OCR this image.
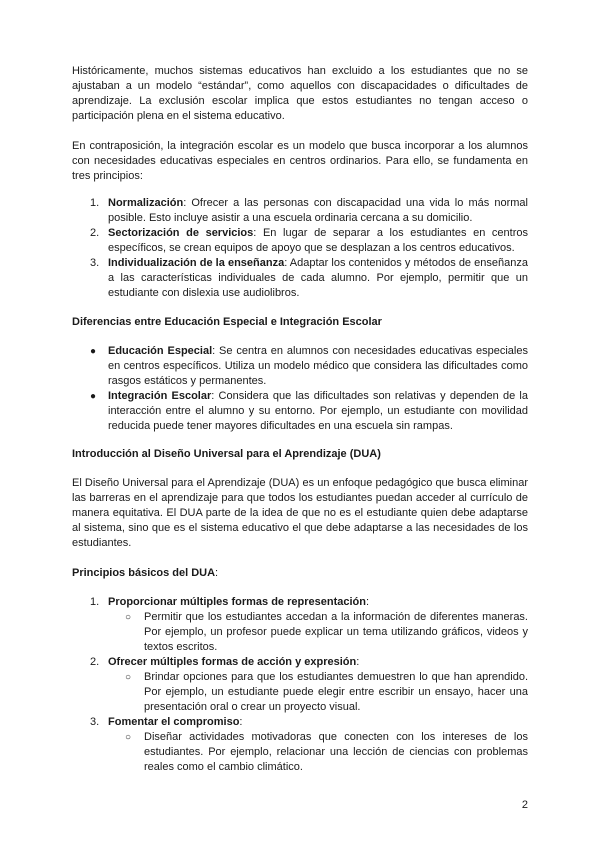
Históricamente, muchos sistemas educativos han excluido a los estudiantes que no se ajustaban a un modelo “estándar”, como aquellos con discapacidades o dificultades de aprendizaje. La exclusión escolar implica que estos estudiantes no tengan acceso o participación plena en el sistema educativo.

En contraposición, la integración escolar es un modelo que busca incorporar a los alumnos con necesidades educativas especiales en centros ordinarios. Para ello, se fundamenta en tres principios:

1. Normalización: Ofrecer a las personas con discapacidad una vida lo más normal posible. Esto incluye asistir a una escuela ordinaria cercana a su domicilio.
2. Sectorización de servicios: En lugar de separar a los estudiantes en centros específicos, se crean equipos de apoyo que se desplazan a los centros educativos.
3. Individualización de la enseñanza: Adaptar los contenidos y métodos de enseñanza a las características individuales de cada alumno. Por ejemplo, permitir que un estudiante con dislexia use audiolibros.

Diferencias entre Educación Especial e Integración Escolar

● Educación Especial: Se centra en alumnos con necesidades educativas especiales en centros específicos. Utiliza un modelo médico que considera las dificultades como rasgos estáticos y permanentes.
● Integración Escolar: Considera que las dificultades son relativas y dependen de la interacción entre el alumno y su entorno. Por ejemplo, un estudiante con movilidad reducida puede tener mayores dificultades en una escuela sin rampas.

Introducción al Diseño Universal para el Aprendizaje (DUA)

El Diseño Universal para el Aprendizaje (DUA) es un enfoque pedagógico que busca eliminar las barreras en el aprendizaje para que todos los estudiantes puedan acceder al currículo de manera equitativa. El DUA parte de la idea de que no es el estudiante quien debe adaptarse al sistema, sino que es el sistema educativo el que debe adaptarse a las necesidades de los estudiantes.

Principios básicos del DUA:

1. Proporcionar múltiples formas de representación:
○ Permitir que los estudiantes accedan a la información de diferentes maneras. Por ejemplo, un profesor puede explicar un tema utilizando gráficos, videos y textos escritos.
2. Ofrecer múltiples formas de acción y expresión:
○ Brindar opciones para que los estudiantes demuestren lo que han aprendido. Por ejemplo, un estudiante puede elegir entre escribir un ensayo, hacer una presentación oral o crear un proyecto visual.
3. Fomentar el compromiso:
○ Diseñar actividades motivadoras que conecten con los intereses de los estudiantes. Por ejemplo, relacionar una lección de ciencias con problemas reales como el cambio climático.
2
